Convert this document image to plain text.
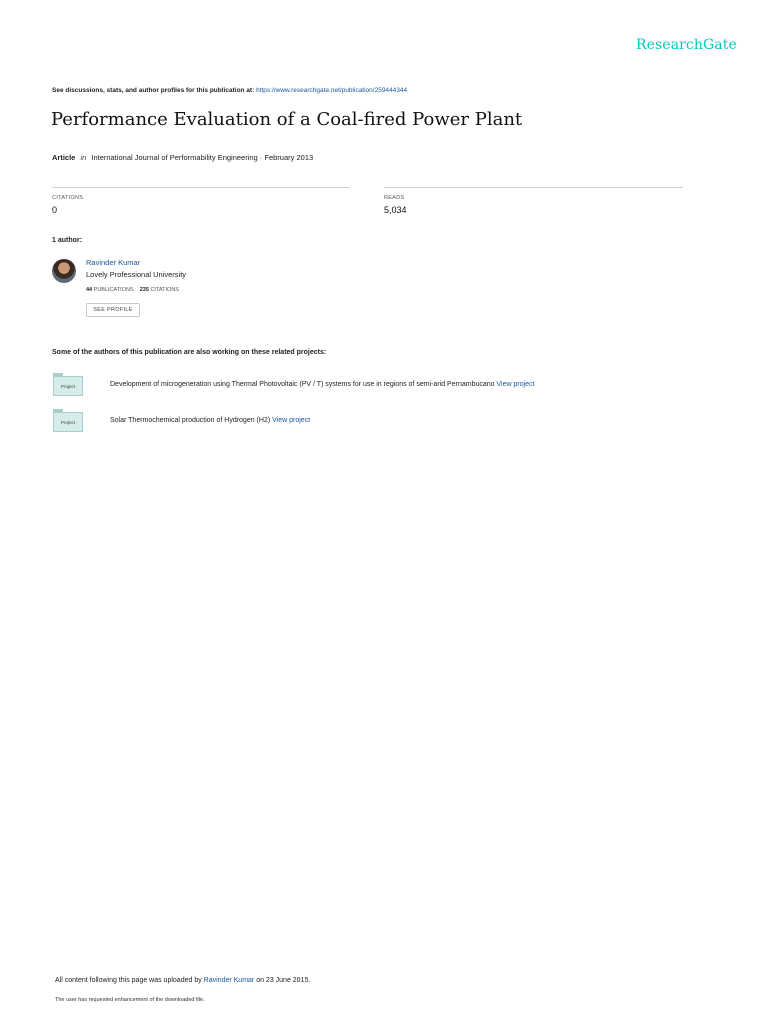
ResearchGate
See discussions, stats, and author profiles for this publication at: https://www.researchgate.net/publication/259444344
Performance Evaluation of a Coal-fired Power Plant
Article in International Journal of Performability Engineering · February 2013
CITATIONS
0
READS
5,034
1 author:
Ravinder Kumar
Lovely Professional University
44 PUBLICATIONS 235 CITATIONS
SEE PROFILE
Some of the authors of this publication are also working on these related projects:
Project	Development of microgeneration using Thermal Photovoltaic (PV / T) systems for use in regions of semi-arid Pernambucano View project
Project	Solar Thermochemical production of Hydrogen (H2) View project
All content following this page was uploaded by Ravinder Kumar on 23 June 2015.
The user has requested enhancement of the downloaded file.
